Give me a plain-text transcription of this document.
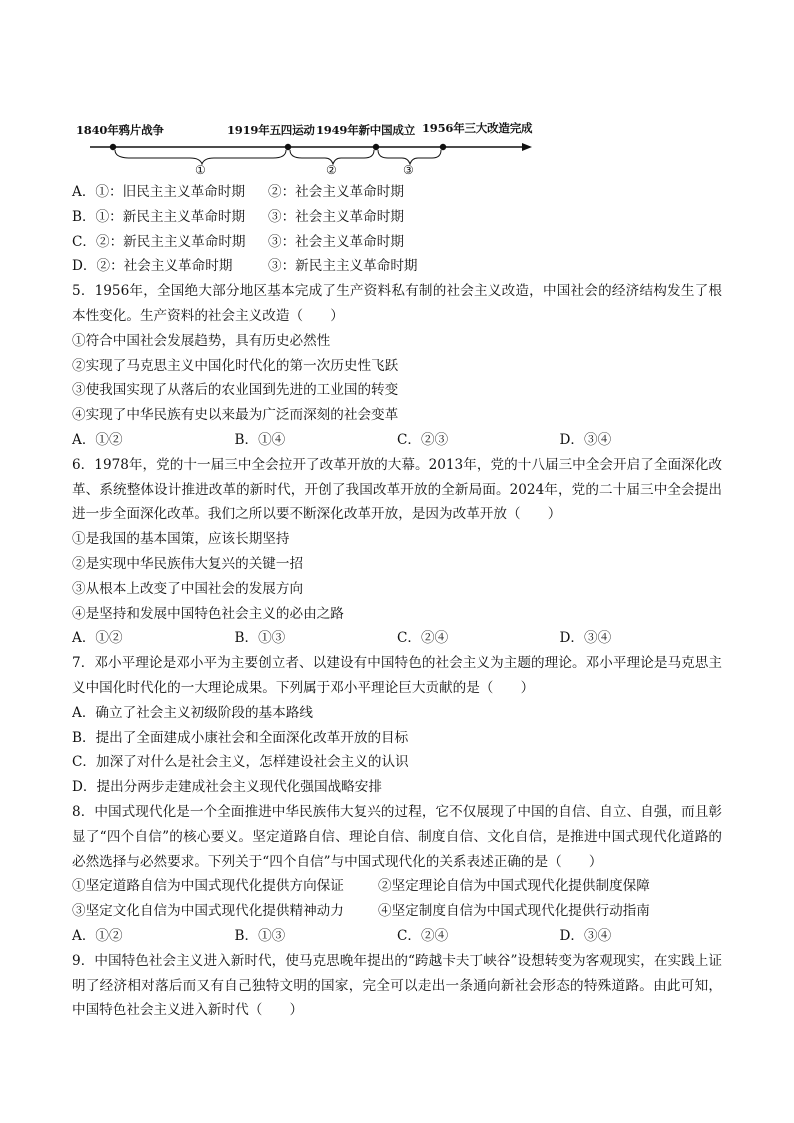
1840年鸦片战争	1919年五四运动 1949年新中国成立 1956年三大改造完成
①	②	③
A．①：旧民主主义革命时期	②：社会主义革命时期
B．①：新民主主义革命时期	③：社会主义革命时期
C．②：新民主主义革命时期	③：社会主义革命时期
D．②：社会主义革命时期	③：新民主主义革命时期
5．1956年，全国绝大部分地区基本完成了生产资料私有制的社会主义改造，中国社会的经济结构发生了根本性变化。生产资料的社会主义改造（　　）
①符合中国社会发展趋势，具有历史必然性
②实现了马克思主义中国化时代化的第一次历史性飞跃
③使我国实现了从落后的农业国到先进的工业国的转变
④实现了中华民族有史以来最为广泛而深刻的社会变革
A．①②	B．①④	C．②③	D．③④
6．1978年，党的十一届三中全会拉开了改革开放的大幕。2013年，党的十八届三中全会开启了全面深化改革、系统整体设计推进改革的新时代，开创了我国改革开放的全新局面。2024年，党的二十届三中全会提出进一步全面深化改革。我们之所以要不断深化改革开放，是因为改革开放（　　）
①是我国的基本国策，应该长期坚持
②是实现中华民族伟大复兴的关键一招
③从根本上改变了中国社会的发展方向
④是坚持和发展中国特色社会主义的必由之路
A．①②	B．①③	C．②④	D．③④
7．邓小平理论是邓小平为主要创立者、以建设有中国特色的社会主义为主题的理论。邓小平理论是马克思主义中国化时代化的一大理论成果。下列属于邓小平理论巨大贡献的是（　　）
A．确立了社会主义初级阶段的基本路线
B．提出了全面建成小康社会和全面深化改革开放的目标
C．加深了对什么是社会主义，怎样建设社会主义的认识
D．提出分两步走建成社会主义现代化强国战略安排
8．中国式现代化是一个全面推进中华民族伟大复兴的过程，它不仅展现了中国的自信、自立、自强，而且彰显了“四个自信”的核心要义。坚定道路自信、理论自信、制度自信、文化自信，是推进中国式现代化道路的必然选择与必然要求。下列关于“四个自信”与中国式现代化的关系表述正确的是（　　）
①坚定道路自信为中国式现代化提供方向保证	②坚定理论自信为中国式现代化提供制度保障
③坚定文化自信为中国式现代化提供精神动力	④坚定制度自信为中国式现代化提供行动指南
A．①②	B．①③	C．②④	D．③④
9．中国特色社会主义进入新时代，使马克思晚年提出的“跨越卡夫丁峡谷”设想转变为客观现实，在实践上证明了经济相对落后而又有自己独特文明的国家，完全可以走出一条通向新社会形态的特殊道路。由此可知，中国特色社会主义进入新时代（　　）
